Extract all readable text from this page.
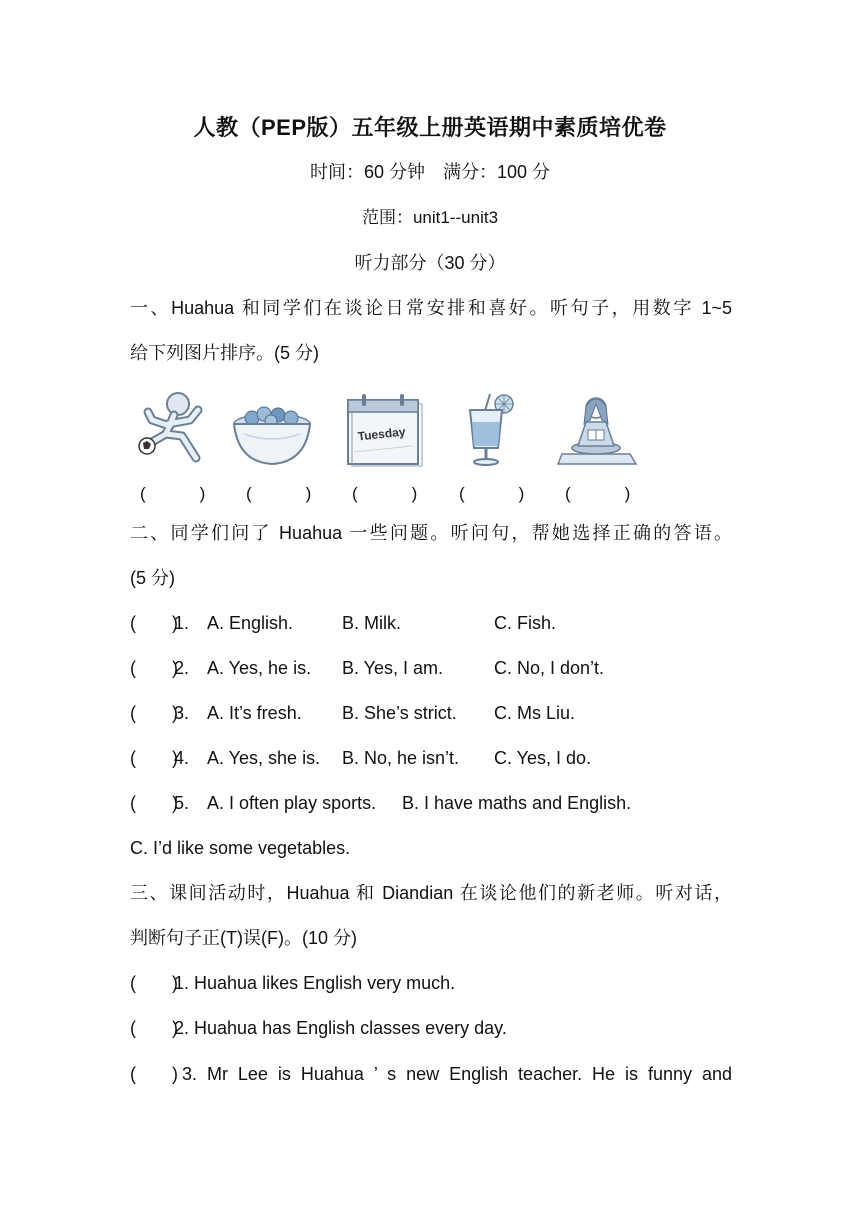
人教（PEP版）五年级上册英语期中素质培优卷
时间：60 分钟　满分：100 分
范围：unit1--unit3
听力部分（30 分）
一、Huahua 和同学们在谈论日常安排和喜好。听句子，用数字 1~5
给下列图片排序。(5 分)
Tuesday
(	) (	) (	) (	) (	)
二、同学们问了 Huahua 一些问题。听问句，帮她选择正确的答语。
(5 分)
(　　)1. A. English.	B. Milk.	C. Fish.
(　　)2. A. Yes, he is. B. Yes, I am.	C. No, I don’t.
(　　)3. A. It’s fresh. B. She’s strict. C. Ms Liu.
(　　)4. A. Yes, she is. B. No, he isn’t. C. Yes, I do.
(　　)5. A. I often play sports. B. I have maths and English.
C. I’d like some vegetables.
三、课间活动时，Huahua 和 Diandian 在谈论他们的新老师。听对话，
判断句子正(T)误(F)。(10 分)
(　　)1. Huahua likes English very much.
(　　)2. Huahua has English classes every day.
(　　) 3. Mr Lee is Huahua ’ s new English teacher. He is funny and
